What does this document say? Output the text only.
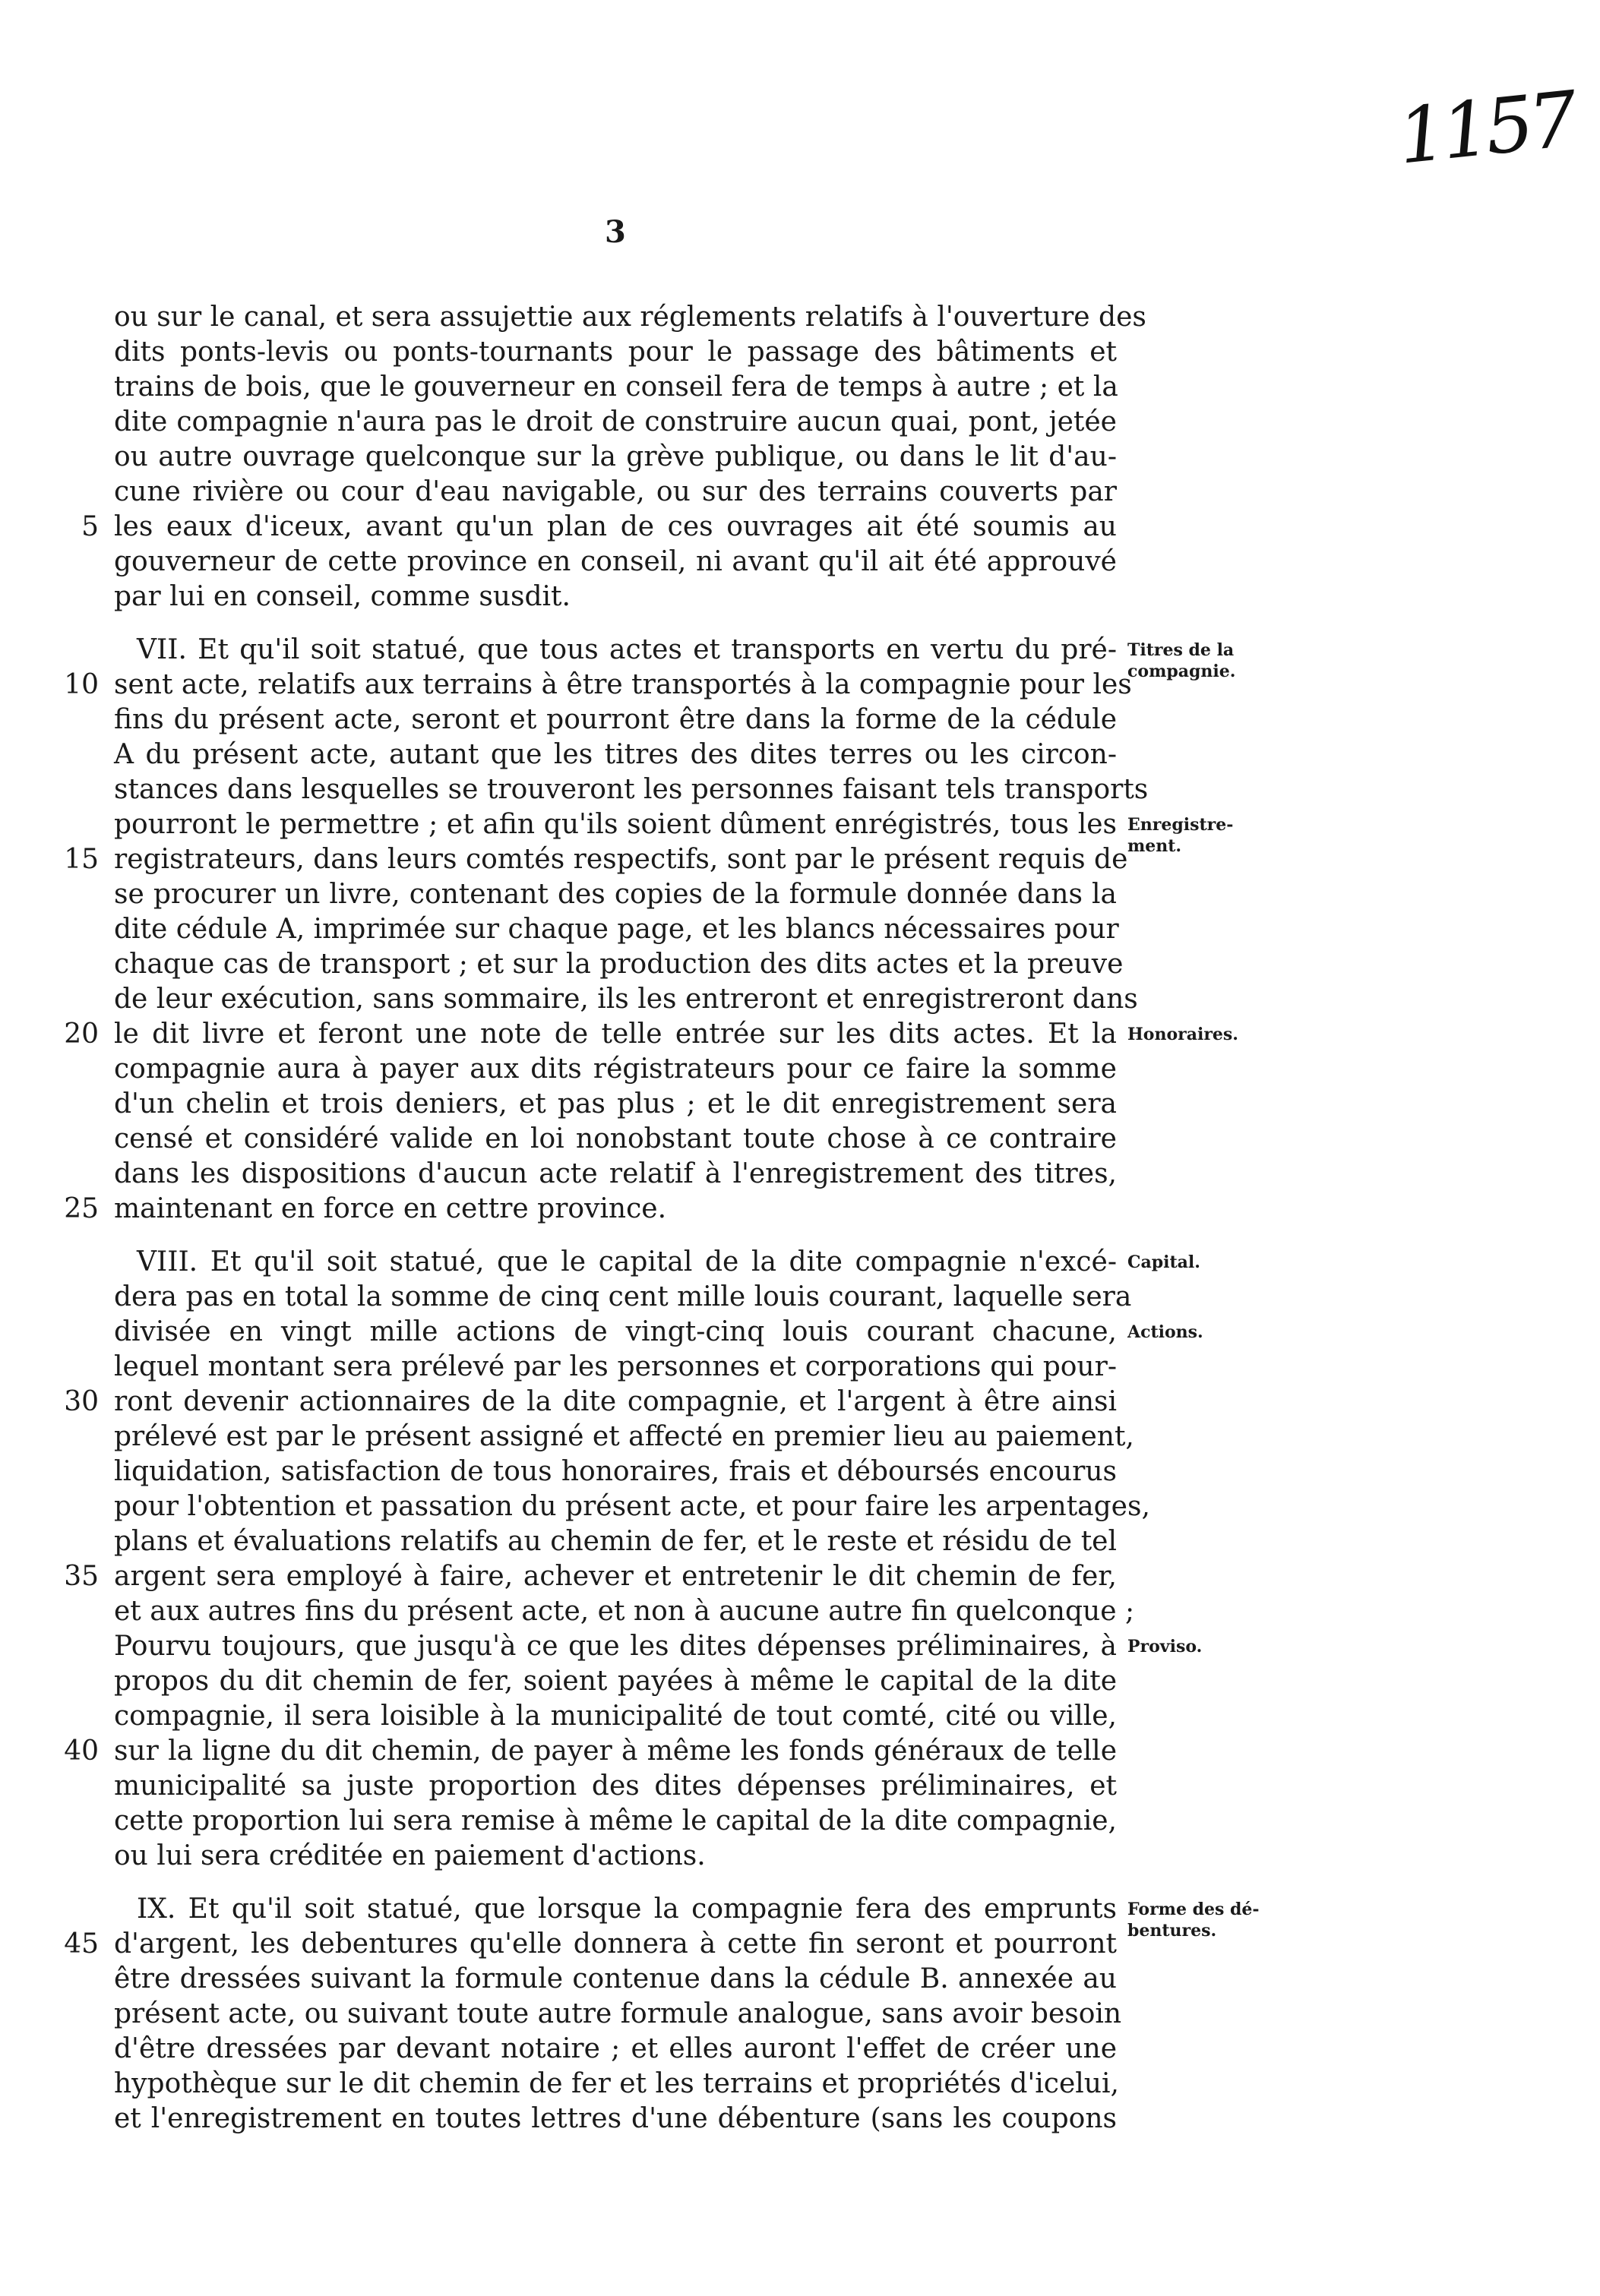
3
1157
ou sur le canal, et sera assujettie aux réglements relatifs à l'ouverture des
dits ponts-levis ou ponts-tournants pour le passage des bâtiments et
trains de bois, que le gouverneur en conseil fera de temps à autre ; et la
dite compagnie n'aura pas le droit de construire aucun quai, pont, jetée
ou autre ouvrage quelconque sur la grève publique, ou dans le lit d'au-
cune rivière ou cour d'eau navigable, ou sur des terrains couverts par
les eaux d'iceux, avant qu'un plan de ces ouvrages ait été soumis au
gouverneur de cette province en conseil, ni avant qu'il ait été approuvé
par lui en conseil, comme susdit.
VII. Et qu'il soit statué, que tous actes et transports en vertu du pré-
sent acte, relatifs aux terrains à être transportés à la compagnie pour les
fins du présent acte, seront et pourront être dans la forme de la cédule
A du présent acte, autant que les titres des dites terres ou les circon-
stances dans lesquelles se trouveront les personnes faisant tels transports
pourront le permettre ; et afin qu'ils soient dûment enrégistrés, tous les
registrateurs, dans leurs comtés respectifs, sont par le présent requis de
se procurer un livre, contenant des copies de la formule donnée dans la
dite cédule A, imprimée sur chaque page, et les blancs nécessaires pour
chaque cas de transport ; et sur la production des dits actes et la preuve
de leur exécution, sans sommaire, ils les entreront et enregistreront dans
le dit livre et feront une note de telle entrée sur les dits actes. Et la
compagnie aura à payer aux dits régistrateurs pour ce faire la somme
d'un chelin et trois deniers, et pas plus ; et le dit enregistrement sera
censé et considéré valide en loi nonobstant toute chose à ce contraire
dans les dispositions d'aucun acte relatif à l'enregistrement des titres,
maintenant en force en cettre province.
VIII. Et qu'il soit statué, que le capital de la dite compagnie n'excé-
dera pas en total la somme de cinq cent mille louis courant, laquelle sera
divisée en vingt mille actions de vingt-cinq louis courant chacune,
lequel montant sera prélevé par les personnes et corporations qui pour-
ront devenir actionnaires de la dite compagnie, et l'argent à être ainsi
prélevé est par le présent assigné et affecté en premier lieu au paiement,
liquidation, satisfaction de tous honoraires, frais et déboursés encourus
pour l'obtention et passation du présent acte, et pour faire les arpentages,
plans et évaluations relatifs au chemin de fer, et le reste et résidu de tel
argent sera employé à faire, achever et entretenir le dit chemin de fer,
et aux autres fins du présent acte, et non à aucune autre fin quelconque ;
Pourvu toujours, que jusqu'à ce que les dites dépenses préliminaires, à
propos du dit chemin de fer, soient payées à même le capital de la dite
compagnie, il sera loisible à la municipalité de tout comté, cité ou ville,
sur la ligne du dit chemin, de payer à même les fonds généraux de telle
municipalité sa juste proportion des dites dépenses préliminaires, et
cette proportion lui sera remise à même le capital de la dite compagnie,
ou lui sera créditée en paiement d'actions.
IX. Et qu'il soit statué, que lorsque la compagnie fera des emprunts
d'argent, les debentures qu'elle donnera à cette fin seront et pourront
être dressées suivant la formule contenue dans la cédule B. annexée au
présent acte, ou suivant toute autre formule analogue, sans avoir besoin
d'être dressées par devant notaire ; et elles auront l'effet de créer une
hypothèque sur le dit chemin de fer et les terrains et propriétés d'icelui,
et l'enregistrement en toutes lettres d'une débenture (sans les coupons
5
10
15
20
25
30
35
40
45
Titres de la
compagnie.
Enregistre-
ment.
Honoraires.
Capital.
Actions.
Proviso.
Forme des dé-
bentures.
